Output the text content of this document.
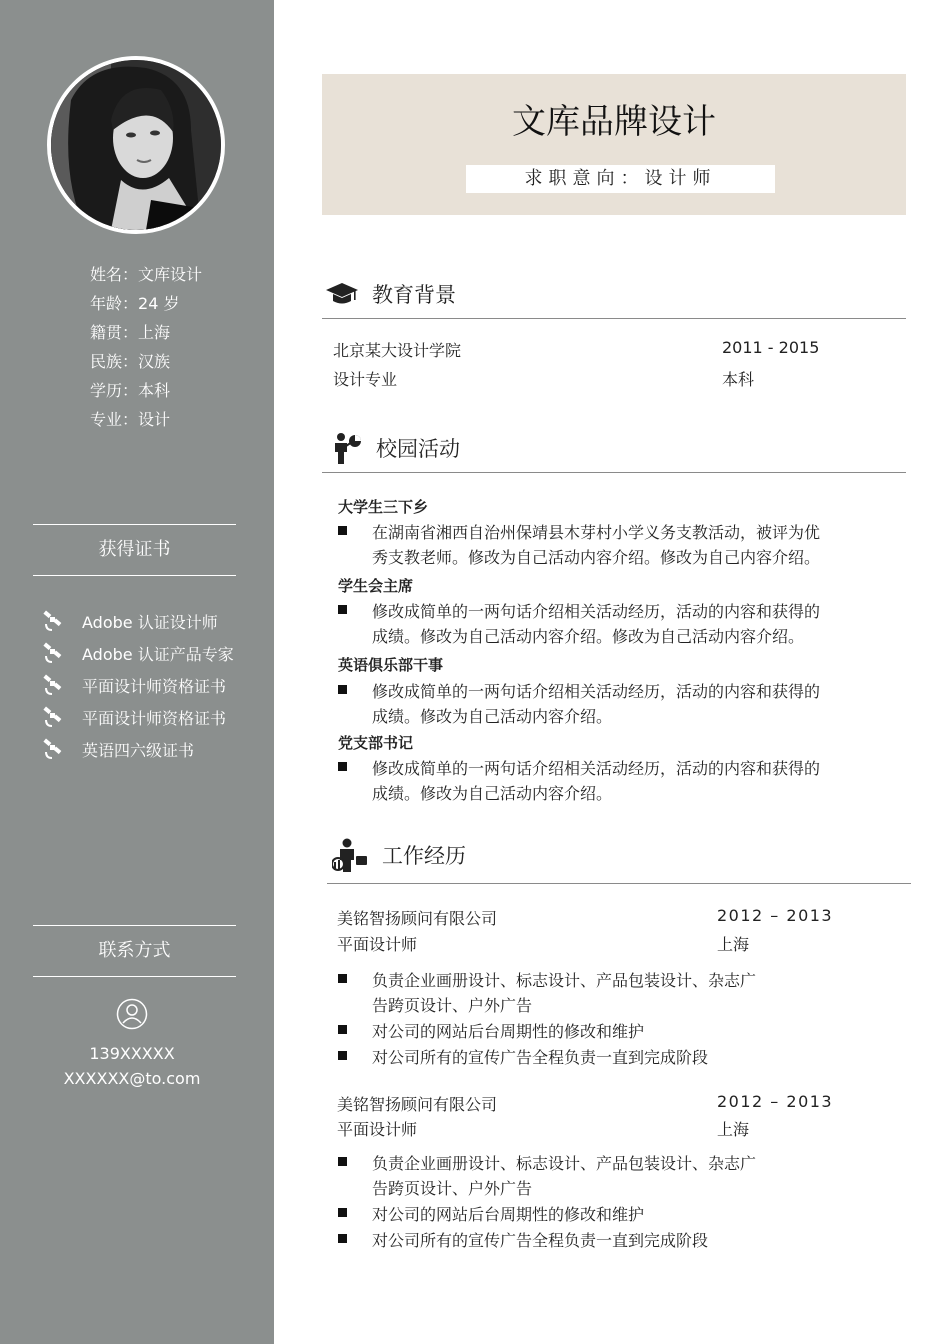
姓名：文库设计
年龄：24 岁
籍贯：上海
民族：汉族
学历：本科
专业：设计
获得证书
Adobe 认证设计师
Adobe 认证产品专家
平面设计师资格证书
平面设计师资格证书
英语四六级证书
联系方式
139XXXXX
XXXXXX@to.com
文库品牌设计
求职意向：设计师
教育背景
北京某大设计学院	2011 - 2015
设计专业	本科
校园活动
大学生三下乡
在湖南省湘西自治州保靖县木芽村小学义务支教活动，被评为优
秀支教老师。修改为自己活动内容介绍。修改为自己内容介绍。
学生会主席
修改成简单的一两句话介绍相关活动经历，活动的内容和获得的
成绩。修改为自己活动内容介绍。修改为自己活动内容介绍。
英语俱乐部干事
修改成简单的一两句话介绍相关活动经历，活动的内容和获得的
成绩。修改为自己活动内容介绍。
党支部书记
修改成简单的一两句话介绍相关活动经历，活动的内容和获得的
成绩。修改为自己活动内容介绍。
工作经历
美铭智扬顾问有限公司	2012 – 2013
平面设计师	上海
负责企业画册设计、标志设计、产品包装设计、杂志广
告跨页设计、户外广告
对公司的网站后台周期性的修改和维护
对公司所有的宣传广告全程负责一直到完成阶段
美铭智扬顾问有限公司	2012 – 2013
平面设计师	上海
负责企业画册设计、标志设计、产品包装设计、杂志广
告跨页设计、户外广告
对公司的网站后台周期性的修改和维护
对公司所有的宣传广告全程负责一直到完成阶段
